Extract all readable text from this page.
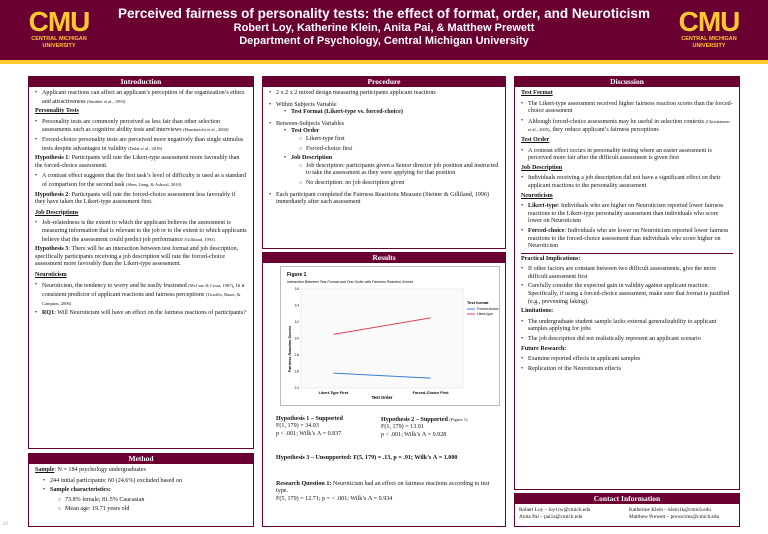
CMU
CENTRAL MICHIGAN
UNIVERSITY
Perceived fairness of personality tests: the effect of format, order, and Neuroticism
Robert Loy, Katherine Klein, Anita Pai, & Matthew Prewett
Department of Psychology, Central Michigan University
CMU
CENTRAL MICHIGAN
UNIVERSITY
Introduction
• Applicant reactions can affect an applicant’s perception of the organization’s ethics and attractiveness (Smither et al., 1993)

Personality Tests

• Personality tests are commonly perceived as less fair than other selection assessments such as cognitive ability tests and interviews (Hausknecht et al., 2004)
• Forced-choice personality tests are perceived more negatively than single stimulus tests despite advantages in validity (Dalal et al., 2019)

Hypothesis 1: Participants will rate the Likert-type assessment more favorably than the forced-choice assessment.

• A contrast effect suggests that the first task’s level of difficulty is used as a standard of comparison for the second task (Shen, Jiang, & Ashwal, 2010)

Hypothesis 2: Participants will rate the forced-choice assessment less favorably if they have taken the Likert-type assessment first.

Job Descriptions

• Job-relatedness is the extent to which the applicant believes the assessment is measuring information that is relevant to the job or to the extent to which applicants believe that the assessment could predict job performance (Gilliland, 1993)

Hypothesis 3: There will be an interaction between test format and job description, specifically participants receiving a job description will rate the forced-choice assessment more favorably than the Likert-type assessment.

Neuroticism

• Neuroticism, the tendency to worry and be easily frustrated (McCrae & Costa, 1987), is a consistent predictor of applicant reactions and fairness perceptions (Truxillo, Bauer, & Campion, 2006)
• RQ1: Will Neuroticism will have an effect on the fairness reactions of participants?
Method

Sample: N = 184 psychology undergraduates

• 244 initial participants: 60 (24.6%) excluded based on
• Sample characteristics:
○ 73.8% female; 81.5% Caucasian
○ Mean age: 19.71 years old
Procedure
• 2 x 2 x 2 mixed design measuring participants applicant reactions
• Within Subjects Variable
• Test Format (Likert-type vs. forced-choice)
• Between-Subjects Variables
• Test Order
○ Likert-type first
○ Forced-choice first
• Job Description
○ Job description: participants given a Senior director job position and instructed to take the assessment as they were applying for that position
○ No description: no job description given
• Each participant completed the Fairness Reactions Measure (Steiner & Gilliland, 1996) immediately after each assessment
Results
Figure 1
Interaction Between Test Format and Test Order with Fairness Reaction Scores
Fairness Reaction Scores
Test Order
3.6
3.4
3.2
3.0
2.8
2.6
2.4
Likert-Type First	Forced-Choice First
Test format
Forced-choice
Likert-type
Hypothesis 1 – Supported
F(1, 179) = 34.93
p < .001; Wilk’s Λ = 0.837
Hypothesis 2 – Supported (Figure 1)
F(1, 179) = 13.91
p < .001; Wilk’s Λ = 0.928
Hypothesis 3 – Unsupported: F(5, 179) = .13, p = .91; Wilk’s Λ = 1.000
Research Question 1: Neuroticism had an effect on fairness reactions according to test type.
F(5, 179) = 12.71; p = < .001; Wilk’s Λ = 0.934
Discussion

Test Format

• The Likert-type assessment received higher fairness reaction scores than the forced-choice assessment
• Although forced-choice assessments may be useful in selection contexts (Christiansen et al., 2005), they reduce applicant’s fairness perceptions

Test Order

• A contrast effect occurs in personality testing where an easier assessment is perceived more fair after the difficult assessment is given first

Job Description

• Individuals receiving a job description did not have a significant effect on their applicant reactions to the personality assessment

Neuroticism

• Likert-type: Individuals who are higher on Neuroticism reported lower fairness reactions to the Likert-type personality assessment than individuals who score lower on Neuroticism
• Forced-choice: Individuals who are lower on Neuroticism reported lower fairness reactions to the forced-choice assessment than individuals who score higher on Neuroticism

Practical Implications:

• If other factors are constant between two difficult assessments, give the more difficult assessment first
• Carefully consider the expected gain in validity against applicant reaction. Specifically, if using a forced-choice assessment, make sure that format is justified (e.g., preventing faking).

Limitations:

• The undergraduate student sample lacks external generalizability to applicant samples applying for jobs
• The job description did not realistically represent an applicant scenario

Future Research:

• Examine reported effects in applicant samples
• Replication of the Neuroticism effects
Contact Information
Robert Loy – loy1rw@cmich.edu
Anita Pai – pai1a@cmich.edu
Katherine Klein – klein1k@cmich.edu
Matthew Prewett – prewe1ms@cmich.edu
22
